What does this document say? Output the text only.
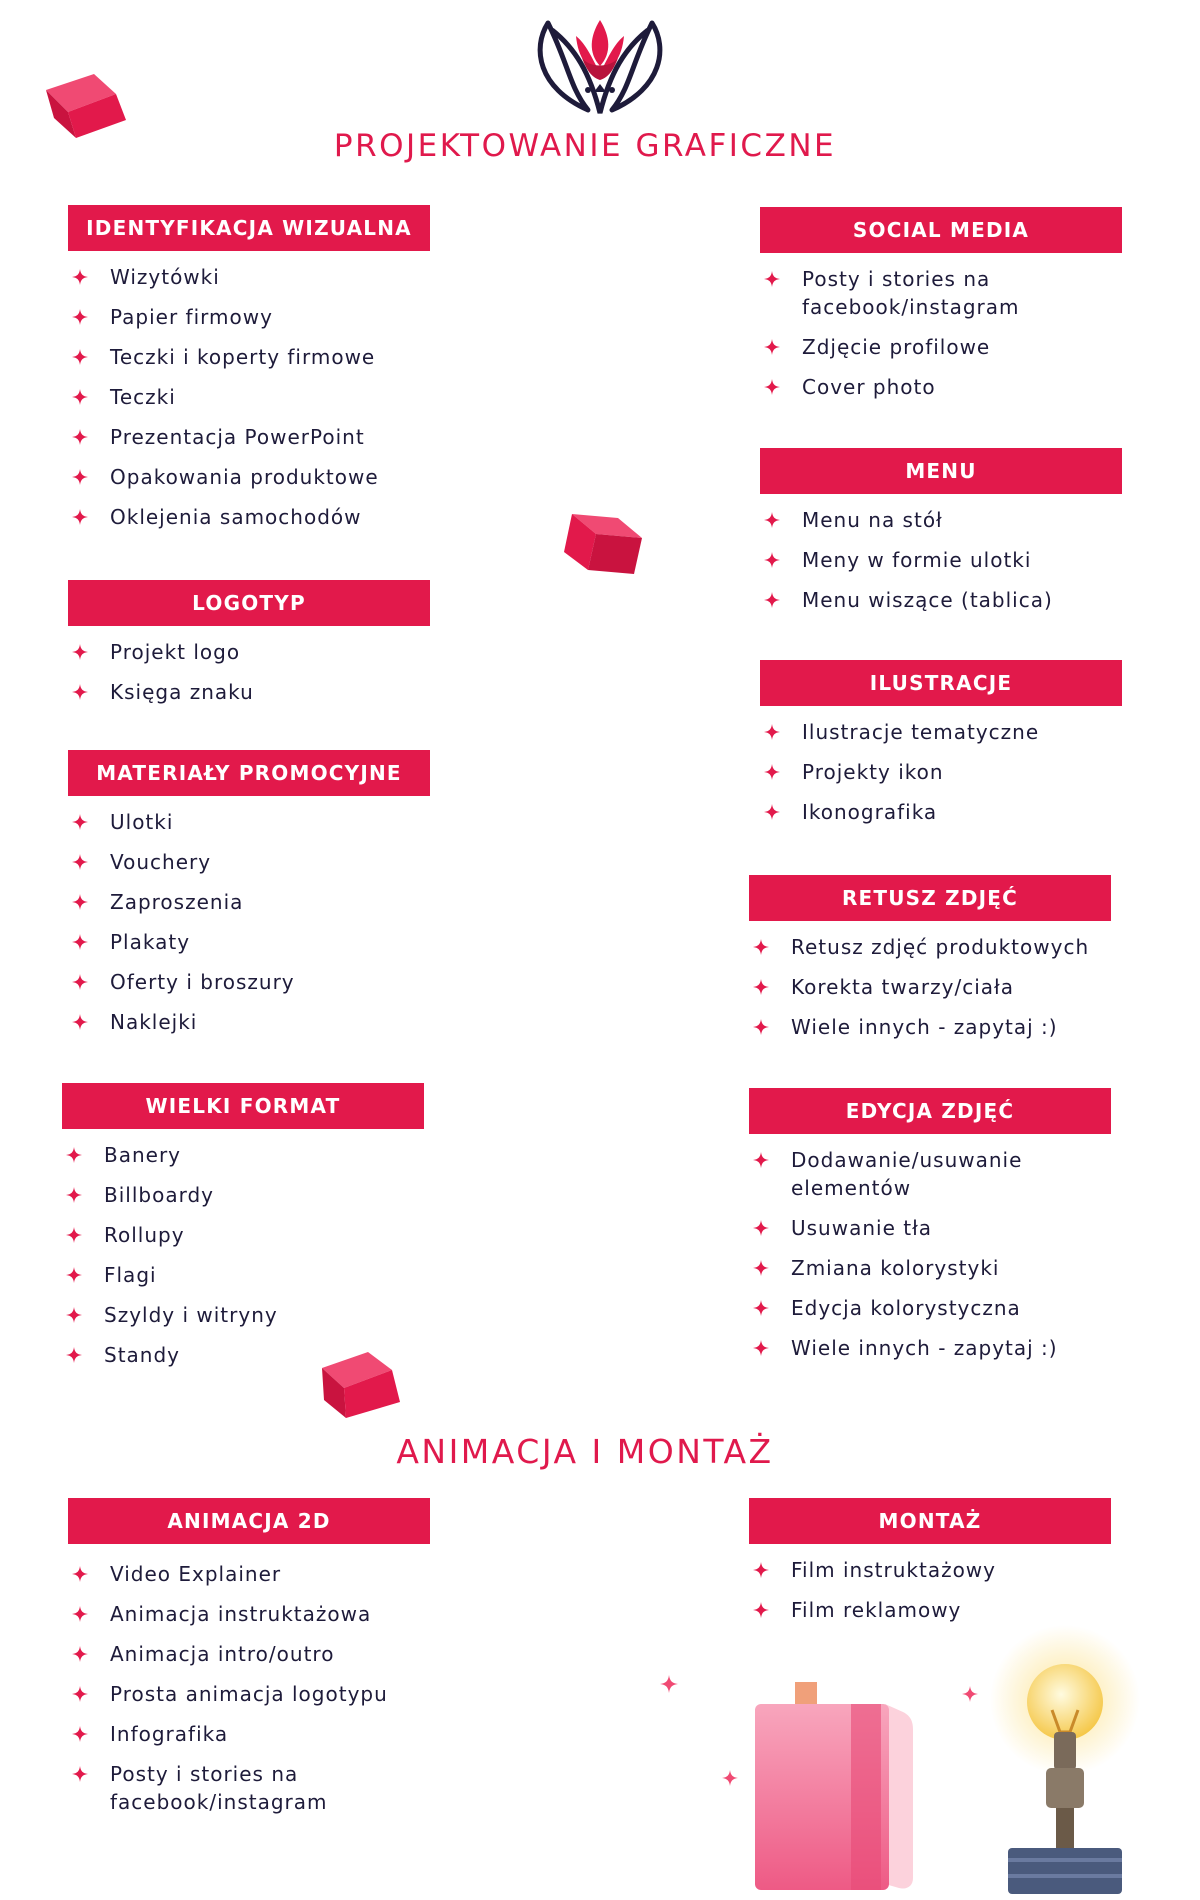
PROJEKTOWANIE GRAFICZNE
ANIMACJA I MONTAŻ
IDENTYFIKACJA WIZUALNA
Wizytówki
Papier firmowy
Teczki i koperty firmowe
Teczki
Prezentacja PowerPoint
Opakowania produktowe
Oklejenia samochodów
LOGOTYP
Projekt logo
Księga znaku
MATERIAŁY PROMOCYJNE
Ulotki
Vouchery
Zaproszenia
Plakaty
Oferty i broszury
Naklejki
WIELKI FORMAT
Banery
Billboardy
Rollupy
Flagi
Szyldy i witryny
Standy
SOCIAL MEDIA
Posty i stories na facebook/instagram
Zdjęcie profilowe
Cover photo
MENU
Menu na stół
Meny w formie ulotki
Menu wiszące (tablica)
ILUSTRACJE
Ilustracje tematyczne
Projekty ikon
Ikonografika
RETUSZ ZDJĘĆ
Retusz zdjęć produktowych
Korekta twarzy/ciała
Wiele innych - zapytaj :)
EDYCJA ZDJĘĆ
Dodawanie/usuwanie elementów
Usuwanie tła
Zmiana kolorystyki
Edycja kolorystyczna
Wiele innych - zapytaj :)
ANIMACJA 2D
Video Explainer
Animacja instruktażowa
Animacja intro/outro
Prosta animacja logotypu
Infografika
Posty i stories na facebook/instagram
MONTAŻ
Film instruktażowy
Film reklamowy
